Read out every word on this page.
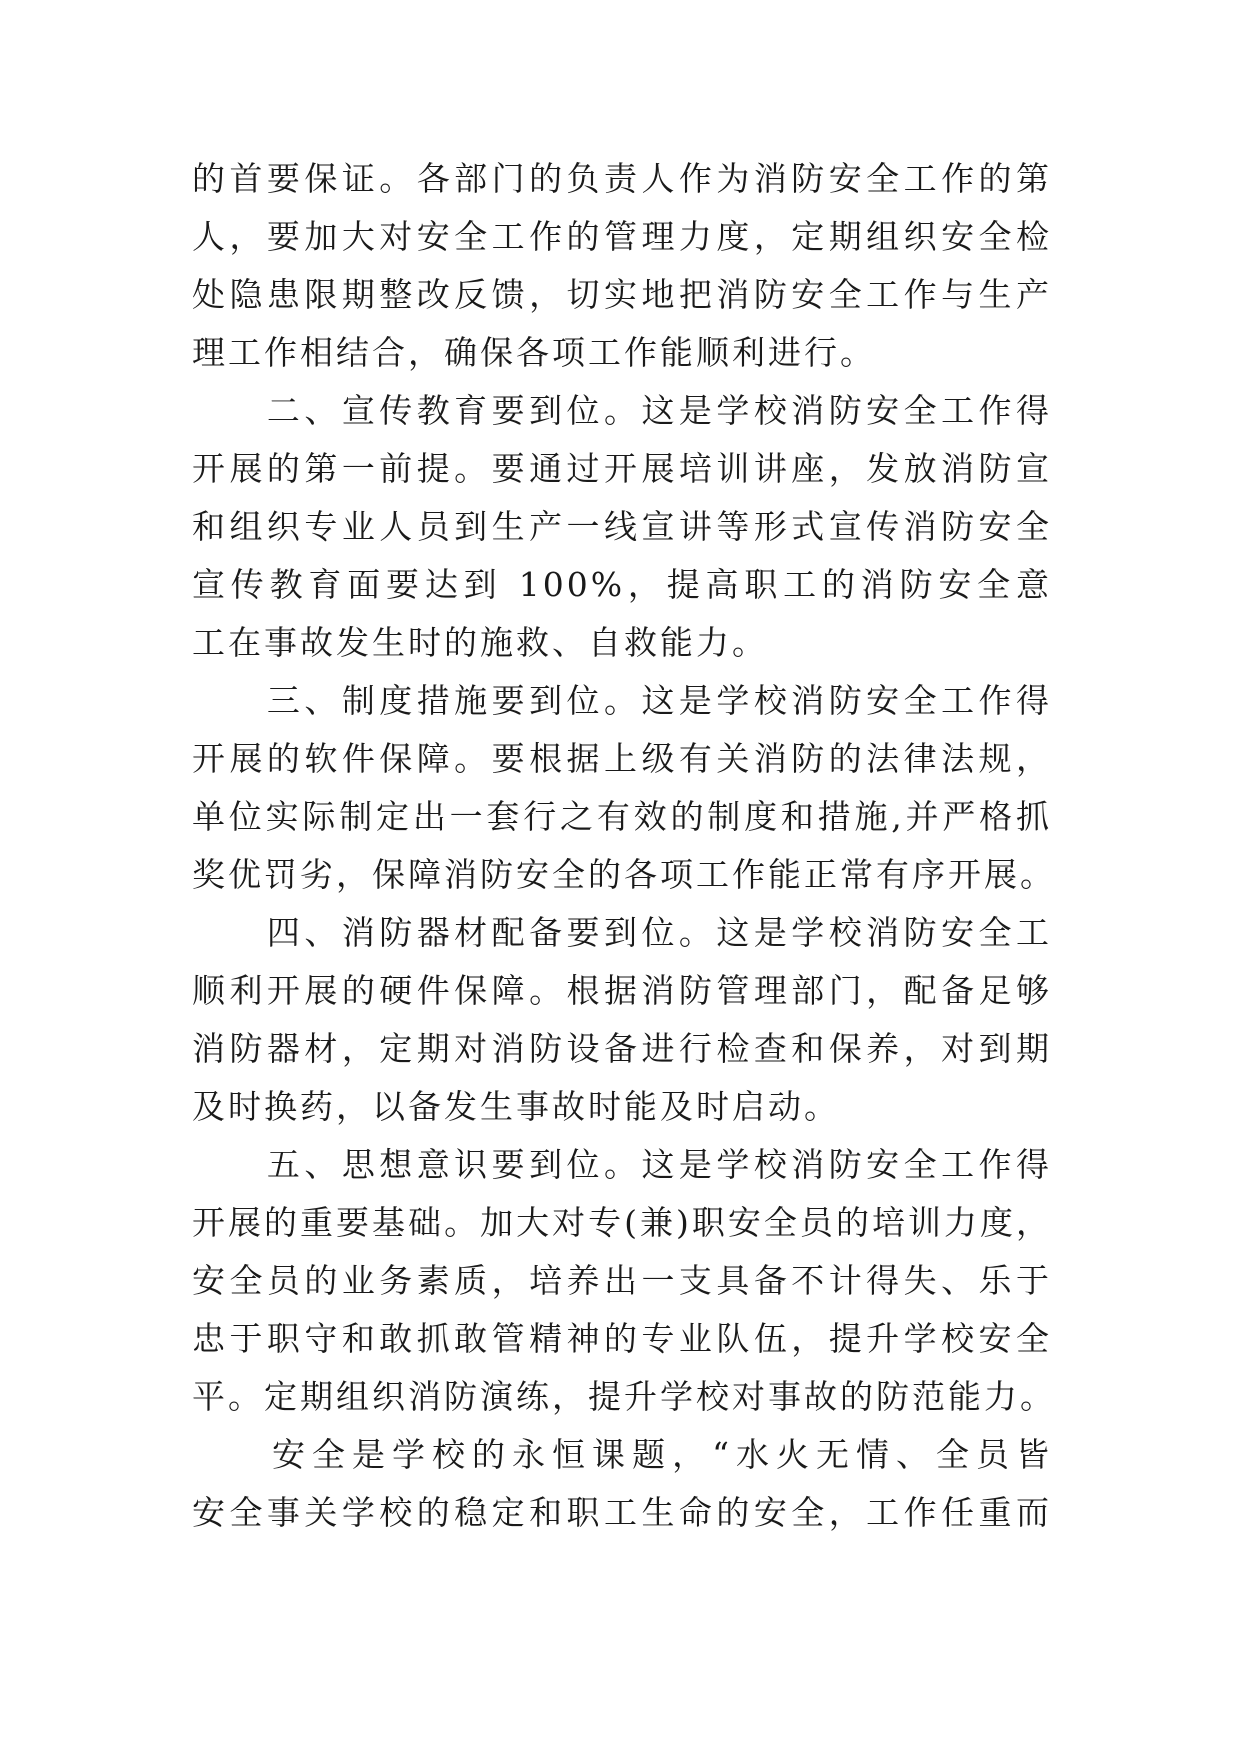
的首要保证。各部门的负责人作为消防安全工作的第
人，要加大对安全工作的管理力度，定期组织安全检
处隐患限期整改反馈，切实地把消防安全工作与生产
理工作相结合，确保各项工作能顺利进行。
　　二、宣传教育要到位。这是学校消防安全工作得
开展的第一前提。要通过开展培训讲座，发放消防宣
和组织专业人员到生产一线宣讲等形式宣传消防安全
宣传教育面要达到 100%，提高职工的消防安全意
工在事故发生时的施救、自救能力。
　　三、制度措施要到位。这是学校消防安全工作得
开展的软件保障。要根据上级有关消防的法律法规，
单位实际制定出一套行之有效的制度和措施,并严格抓
奖优罚劣，保障消防安全的各项工作能正常有序开展。
　　四、消防器材配备要到位。这是学校消防安全工
顺利开展的硬件保障。根据消防管理部门，配备足够
消防器材，定期对消防设备进行检查和保养，对到期
及时换药，以备发生事故时能及时启动。
　　五、思想意识要到位。这是学校消防安全工作得
开展的重要基础。加大对专(兼)职安全员的培训力度，
安全员的业务素质，培养出一支具备不计得失、乐于
忠于职守和敢抓敢管精神的专业队伍，提升学校安全
平。定期组织消防演练，提升学校对事故的防范能力。
　　安全是学校的永恒课题，“水火无情、全员皆
安全事关学校的稳定和职工生命的安全，工作任重而
